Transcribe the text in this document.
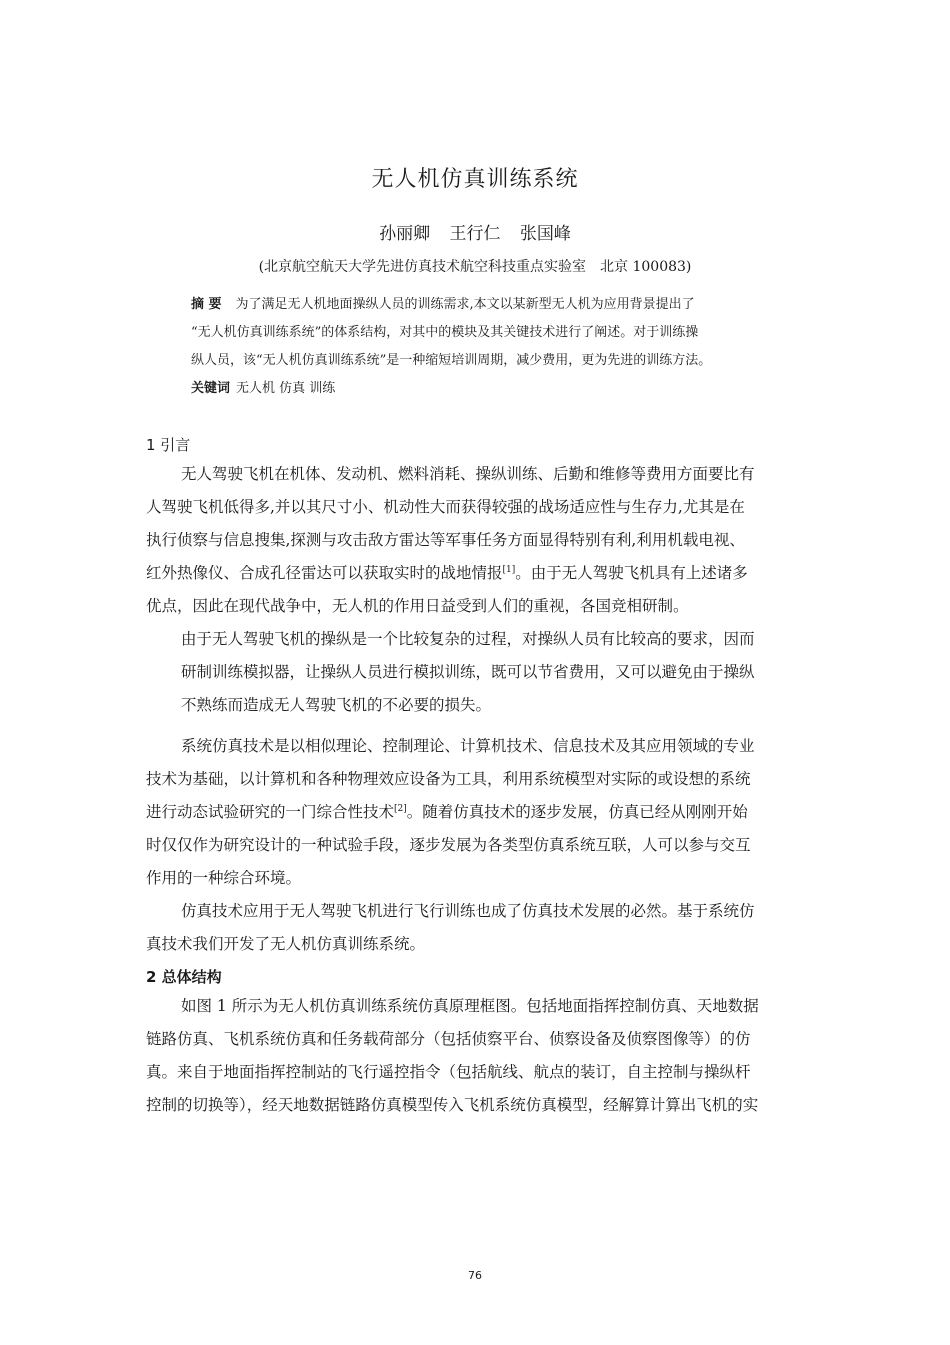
无人机仿真训练系统
孙丽卿 王行仁 张国峰
(北京航空航天大学先进仿真技术航空科技重点实验室　北京 100083)
摘 要 为了满足无人机地面操纵人员的训练需求,本文以某新型无人机为应用背景提出了
“无人机仿真训练系统”的体系结构，对其中的模块及其关键技术进行了阐述。对于训练操
纵人员，该“无人机仿真训练系统”是一种缩短培训周期，减少费用，更为先进的训练方法。
关键词 无人机 仿真 训练
1 引言
无人驾驶飞机在机体、发动机、燃料消耗、操纵训练、后勤和维修等费用方面要比有
人驾驶飞机低得多,并以其尺寸小、机动性大而获得较强的战场适应性与生存力,尤其是在
执行侦察与信息搜集,探测与攻击敌方雷达等军事任务方面显得特别有利,利用机载电视、
红外热像仪、合成孔径雷达可以获取实时的战地情报[1]。由于无人驾驶飞机具有上述诸多
优点，因此在现代战争中，无人机的作用日益受到人们的重视，各国竞相研制。
由于无人驾驶飞机的操纵是一个比较复杂的过程，对操纵人员有比较高的要求，因而
研制训练模拟器，让操纵人员进行模拟训练，既可以节省费用，又可以避免由于操纵
不熟练而造成无人驾驶飞机的不必要的损失。
系统仿真技术是以相似理论、控制理论、计算机技术、信息技术及其应用领域的专业
技术为基础，以计算机和各种物理效应设备为工具，利用系统模型对实际的或设想的系统
进行动态试验研究的一门综合性技术[2]。随着仿真技术的逐步发展，仿真已经从刚刚开始
时仅仅作为研究设计的一种试验手段，逐步发展为各类型仿真系统互联，人可以参与交互
作用的一种综合环境。
仿真技术应用于无人驾驶飞机进行飞行训练也成了仿真技术发展的必然。基于系统仿
真技术我们开发了无人机仿真训练系统。
2 总体结构
如图 1 所示为无人机仿真训练系统仿真原理框图。包括地面指挥控制仿真、天地数据
链路仿真、飞机系统仿真和任务载荷部分（包括侦察平台、侦察设备及侦察图像等）的仿
真。来自于地面指挥控制站的飞行遥控指令（包括航线、航点的装订，自主控制与操纵杆
控制的切换等），经天地数据链路仿真模型传入飞机系统仿真模型，经解算计算出飞机的实
76
